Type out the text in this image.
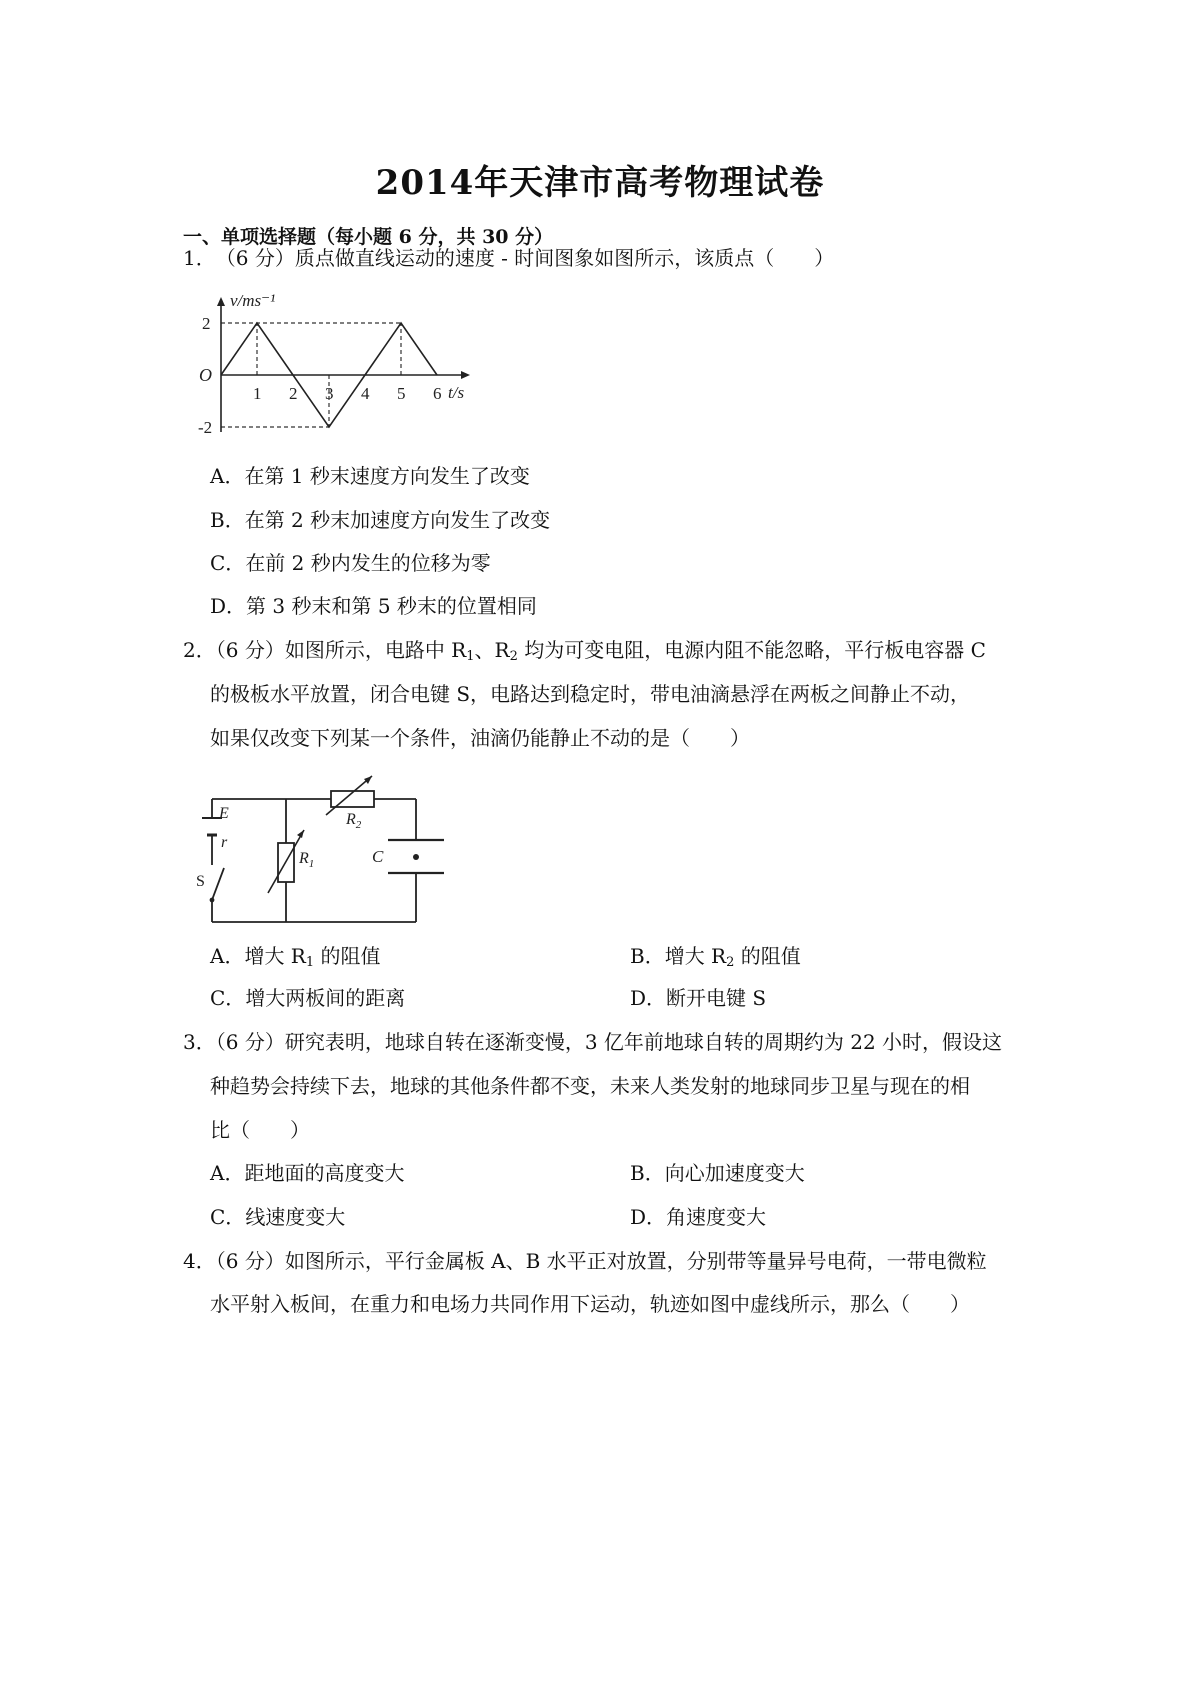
2014年天津市高考物理试卷
一、单项选择题（每小题 6 分，共 30 分）
1．（6 分）质点做直线运动的速度 - 时间图象如图所示，该质点（　　）
1 2 3 4 5 6
2
-2
v/ms⁻¹
t/s
O
A．在第 1 秒末速度方向发生了改变
B．在第 2 秒末加速度方向发生了改变
C．在前 2 秒内发生的位移为零
D．第 3 秒末和第 5 秒末的位置相同
2．（6 分）如图所示，电路中 $R_1$、$R_2$ 均为可变电阻，电源内阻不能忽略，平行板电容器 C
的极板水平放置，闭合电键 S，电路达到稳定时，带电油滴悬浮在两板之间静止不动，
如果仅改变下列某一个条件，油滴仍能静止不动的是（　　）
E
r
S
$R_1$
$R_2$
C
A．增大 $R_1$ 的阻值	B．增大 $R_2$ 的阻值
C．增大两板间的距离	D．断开电键 S
3．（6 分）研究表明，地球自转在逐渐变慢，3 亿年前地球自转的周期约为 22 小时，假设这
种趋势会持续下去，地球的其他条件都不变，未来人类发射的地球同步卫星与现在的相
比（　　）
A．距地面的高度变大	B．向心加速度变大
C．线速度变大	D．角速度变大
4．（6 分）如图所示，平行金属板 A、B 水平正对放置，分别带等量异号电荷，一带电微粒
水平射入板间，在重力和电场力共同作用下运动，轨迹如图中虚线所示，那么（　　）
